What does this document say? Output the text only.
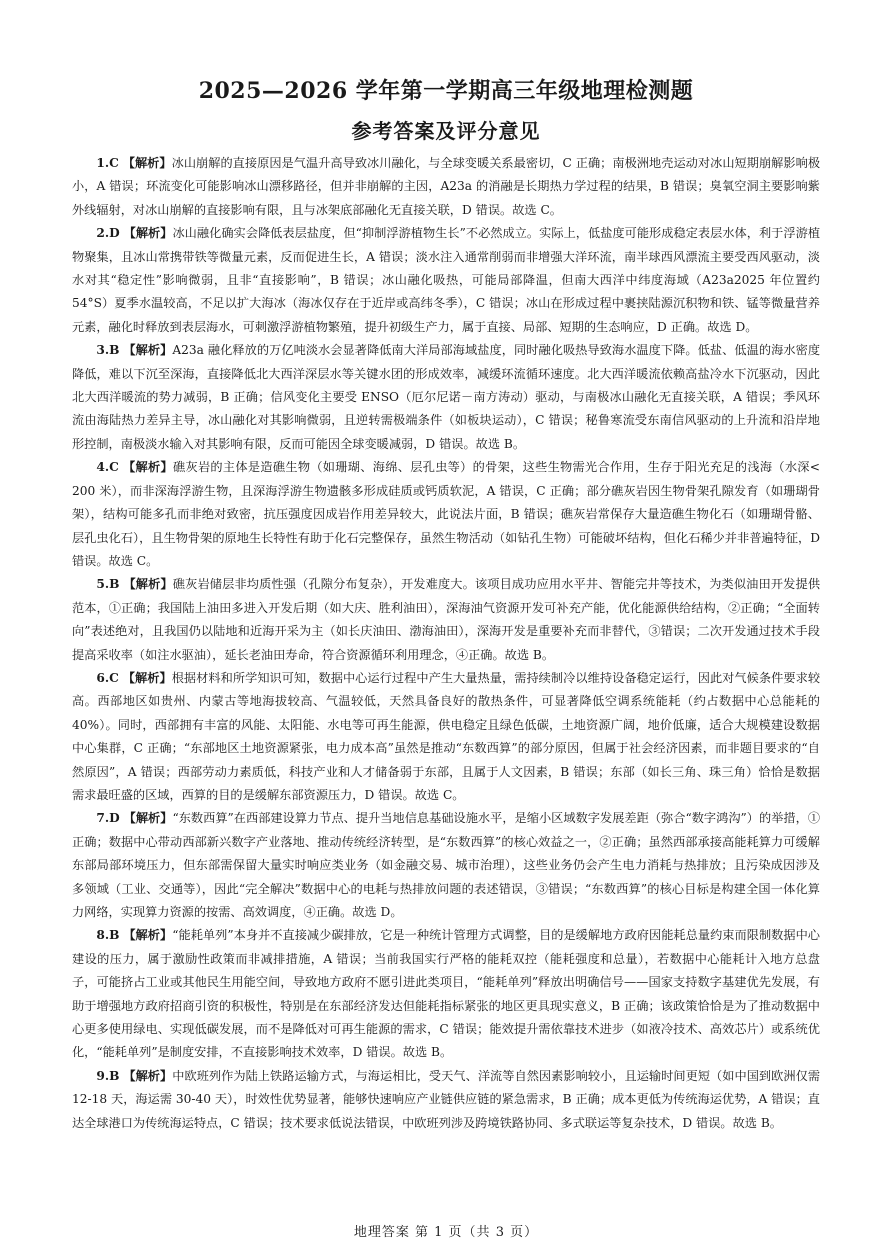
2025—2026 学年第一学期高三年级地理检测题
参考答案及评分意见

1.C 【解析】冰山崩解的直接原因是气温升高导致冰川融化，与全球变暖关系最密切，C 正确；南极洲地壳运动对冰山短期崩解影响极小，A 错误；环流变化可能影响冰山漂移路径，但并非崩解的主因，A23a 的消融是长期热力学过程的结果，B 错误；臭氧空洞主要影响紫外线辐射，对冰山崩解的直接影响有限，且与冰架底部融化无直接关联，D 错误。故选 C。

2.D 【解析】冰山融化确实会降低表层盐度，但“抑制浮游植物生长”不必然成立。实际上，低盐度可能形成稳定表层水体，利于浮游植物聚集，且冰山常携带铁等微量元素，反而促进生长，A 错误；淡水注入通常削弱而非增强大洋环流，南半球西风漂流主要受西风驱动，淡水对其“稳定性”影响微弱，且非“直接影响”，B 错误；冰山融化吸热，可能局部降温，但南大西洋中纬度海域（A23a2025 年位置约 54°S）夏季水温较高，不足以扩大海冰（海冰仅存在于近岸或高纬冬季），C 错误；冰山在形成过程中裹挟陆源沉积物和铁、锰等微量营养元素，融化时释放到表层海水，可刺激浮游植物繁殖，提升初级生产力，属于直接、局部、短期的生态响应，D 正确。故选 D。

3.B 【解析】A23a 融化释放的万亿吨淡水会显著降低南大洋局部海域盐度，同时融化吸热导致海水温度下降。低盐、低温的海水密度降低，难以下沉至深海，直接降低北大西洋深层水等关键水团的形成效率，减缓环流循环速度。北大西洋暖流依赖高盐冷水下沉驱动，因此北大西洋暖流的势力减弱，B 正确；信风变化主要受 ENSO（厄尔尼诺－南方涛动）驱动，与南极冰山融化无直接关联，A 错误；季风环流由海陆热力差异主导，冰山融化对其影响微弱，且逆转需极端条件（如板块运动），C 错误；秘鲁寒流受东南信风驱动的上升流和沿岸地形控制，南极淡水输入对其影响有限，反而可能因全球变暖减弱，D 错误。故选 B。

4.C 【解析】礁灰岩的主体是造礁生物（如珊瑚、海绵、层孔虫等）的骨架，这些生物需光合作用，生存于阳光充足的浅海（水深< 200 米），而非深海浮游生物，且深海浮游生物遗骸多形成硅质或钙质软泥，A 错误，C 正确；部分礁灰岩因生物骨架孔隙发育（如珊瑚骨架），结构可能多孔而非绝对致密，抗压强度因成岩作用差异较大，此说法片面，B 错误；礁灰岩常保存大量造礁生物化石（如珊瑚骨骼、层孔虫化石），且生物骨架的原地生长特性有助于化石完整保存，虽然生物活动（如钻孔生物）可能破坏结构，但化石稀少并非普遍特征，D 错误。故选 C。

5.B 【解析】礁灰岩储层非均质性强（孔隙分布复杂），开发难度大。该项目成功应用水平井、智能完井等技术，为类似油田开发提供范本，①正确；我国陆上油田多进入开发后期（如大庆、胜利油田），深海油气资源开发可补充产能，优化能源供给结构，②正确；“全面转向”表述绝对，且我国仍以陆地和近海开采为主（如长庆油田、渤海油田），深海开发是重要补充而非替代，③错误；二次开发通过技术手段提高采收率（如注水驱油），延长老油田寿命，符合资源循环利用理念，④正确。故选 B。

6.C 【解析】根据材料和所学知识可知，数据中心运行过程中产生大量热量，需持续制冷以维持设备稳定运行，因此对气候条件要求较高。西部地区如贵州、内蒙古等地海拔较高、气温较低，天然具备良好的散热条件，可显著降低空调系统能耗（约占数据中心总能耗的 40%）。同时，西部拥有丰富的风能、太阳能、水电等可再生能源，供电稳定且绿色低碳，土地资源广阔，地价低廉，适合大规模建设数据中心集群，C 正确；“东部地区土地资源紧张，电力成本高”虽然是推动“东数西算”的部分原因，但属于社会经济因素，而非题目要求的“自然原因”，A 错误；西部劳动力素质低，科技产业和人才储备弱于东部，且属于人文因素，B 错误；东部（如长三角、珠三角）恰恰是数据需求最旺盛的区域，西算的目的是缓解东部资源压力，D 错误。故选 C。

7.D 【解析】“东数西算”在西部建设算力节点、提升当地信息基础设施水平，是缩小区域数字发展差距（弥合“数字鸿沟”）的举措，①正确；数据中心带动西部新兴数字产业落地、推动传统经济转型，是“东数西算”的核心效益之一，②正确；虽然西部承接高能耗算力可缓解东部局部环境压力，但东部需保留大量实时响应类业务（如金融交易、城市治理），这些业务仍会产生电力消耗与热排放；且污染成因涉及多领域（工业、交通等），因此“完全解决”数据中心的电耗与热排放问题的表述错误，③错误；“东数西算”的核心目标是构建全国一体化算力网络，实现算力资源的按需、高效调度，④正确。故选 D。

8.B 【解析】“能耗单列”本身并不直接减少碳排放，它是一种统计管理方式调整，目的是缓解地方政府因能耗总量约束而限制数据中心建设的压力，属于激励性政策而非减排措施，A 错误；当前我国实行严格的能耗双控（能耗强度和总量），若数据中心能耗计入地方总盘子，可能挤占工业或其他民生用能空间，导致地方政府不愿引进此类项目，“能耗单列”释放出明确信号——国家支持数字基建优先发展，有助于增强地方政府招商引资的积极性，特别是在东部经济发达但能耗指标紧张的地区更具现实意义，B 正确；该政策恰恰是为了推动数据中心更多使用绿电、实现低碳发展，而不是降低对可再生能源的需求，C 错误；能效提升需依靠技术进步（如液冷技术、高效芯片）或系统优化，“能耗单列”是制度安排，不直接影响技术效率，D 错误。故选 B。

9.B 【解析】中欧班列作为陆上铁路运输方式，与海运相比，受天气、洋流等自然因素影响较小，且运输时间更短（如中国到欧洲仅需 12-18 天，海运需 30-40 天），时效性优势显著，能够快速响应产业链供应链的紧急需求，B 正确；成本更低为传统海运优势，A 错误；直达全球港口为传统海运特点，C 错误；技术要求低说法错误，中欧班列涉及跨境铁路协同、多式联运等复杂技术，D 错误。故选 B。

地理答案 第 1 页（共 3 页）
